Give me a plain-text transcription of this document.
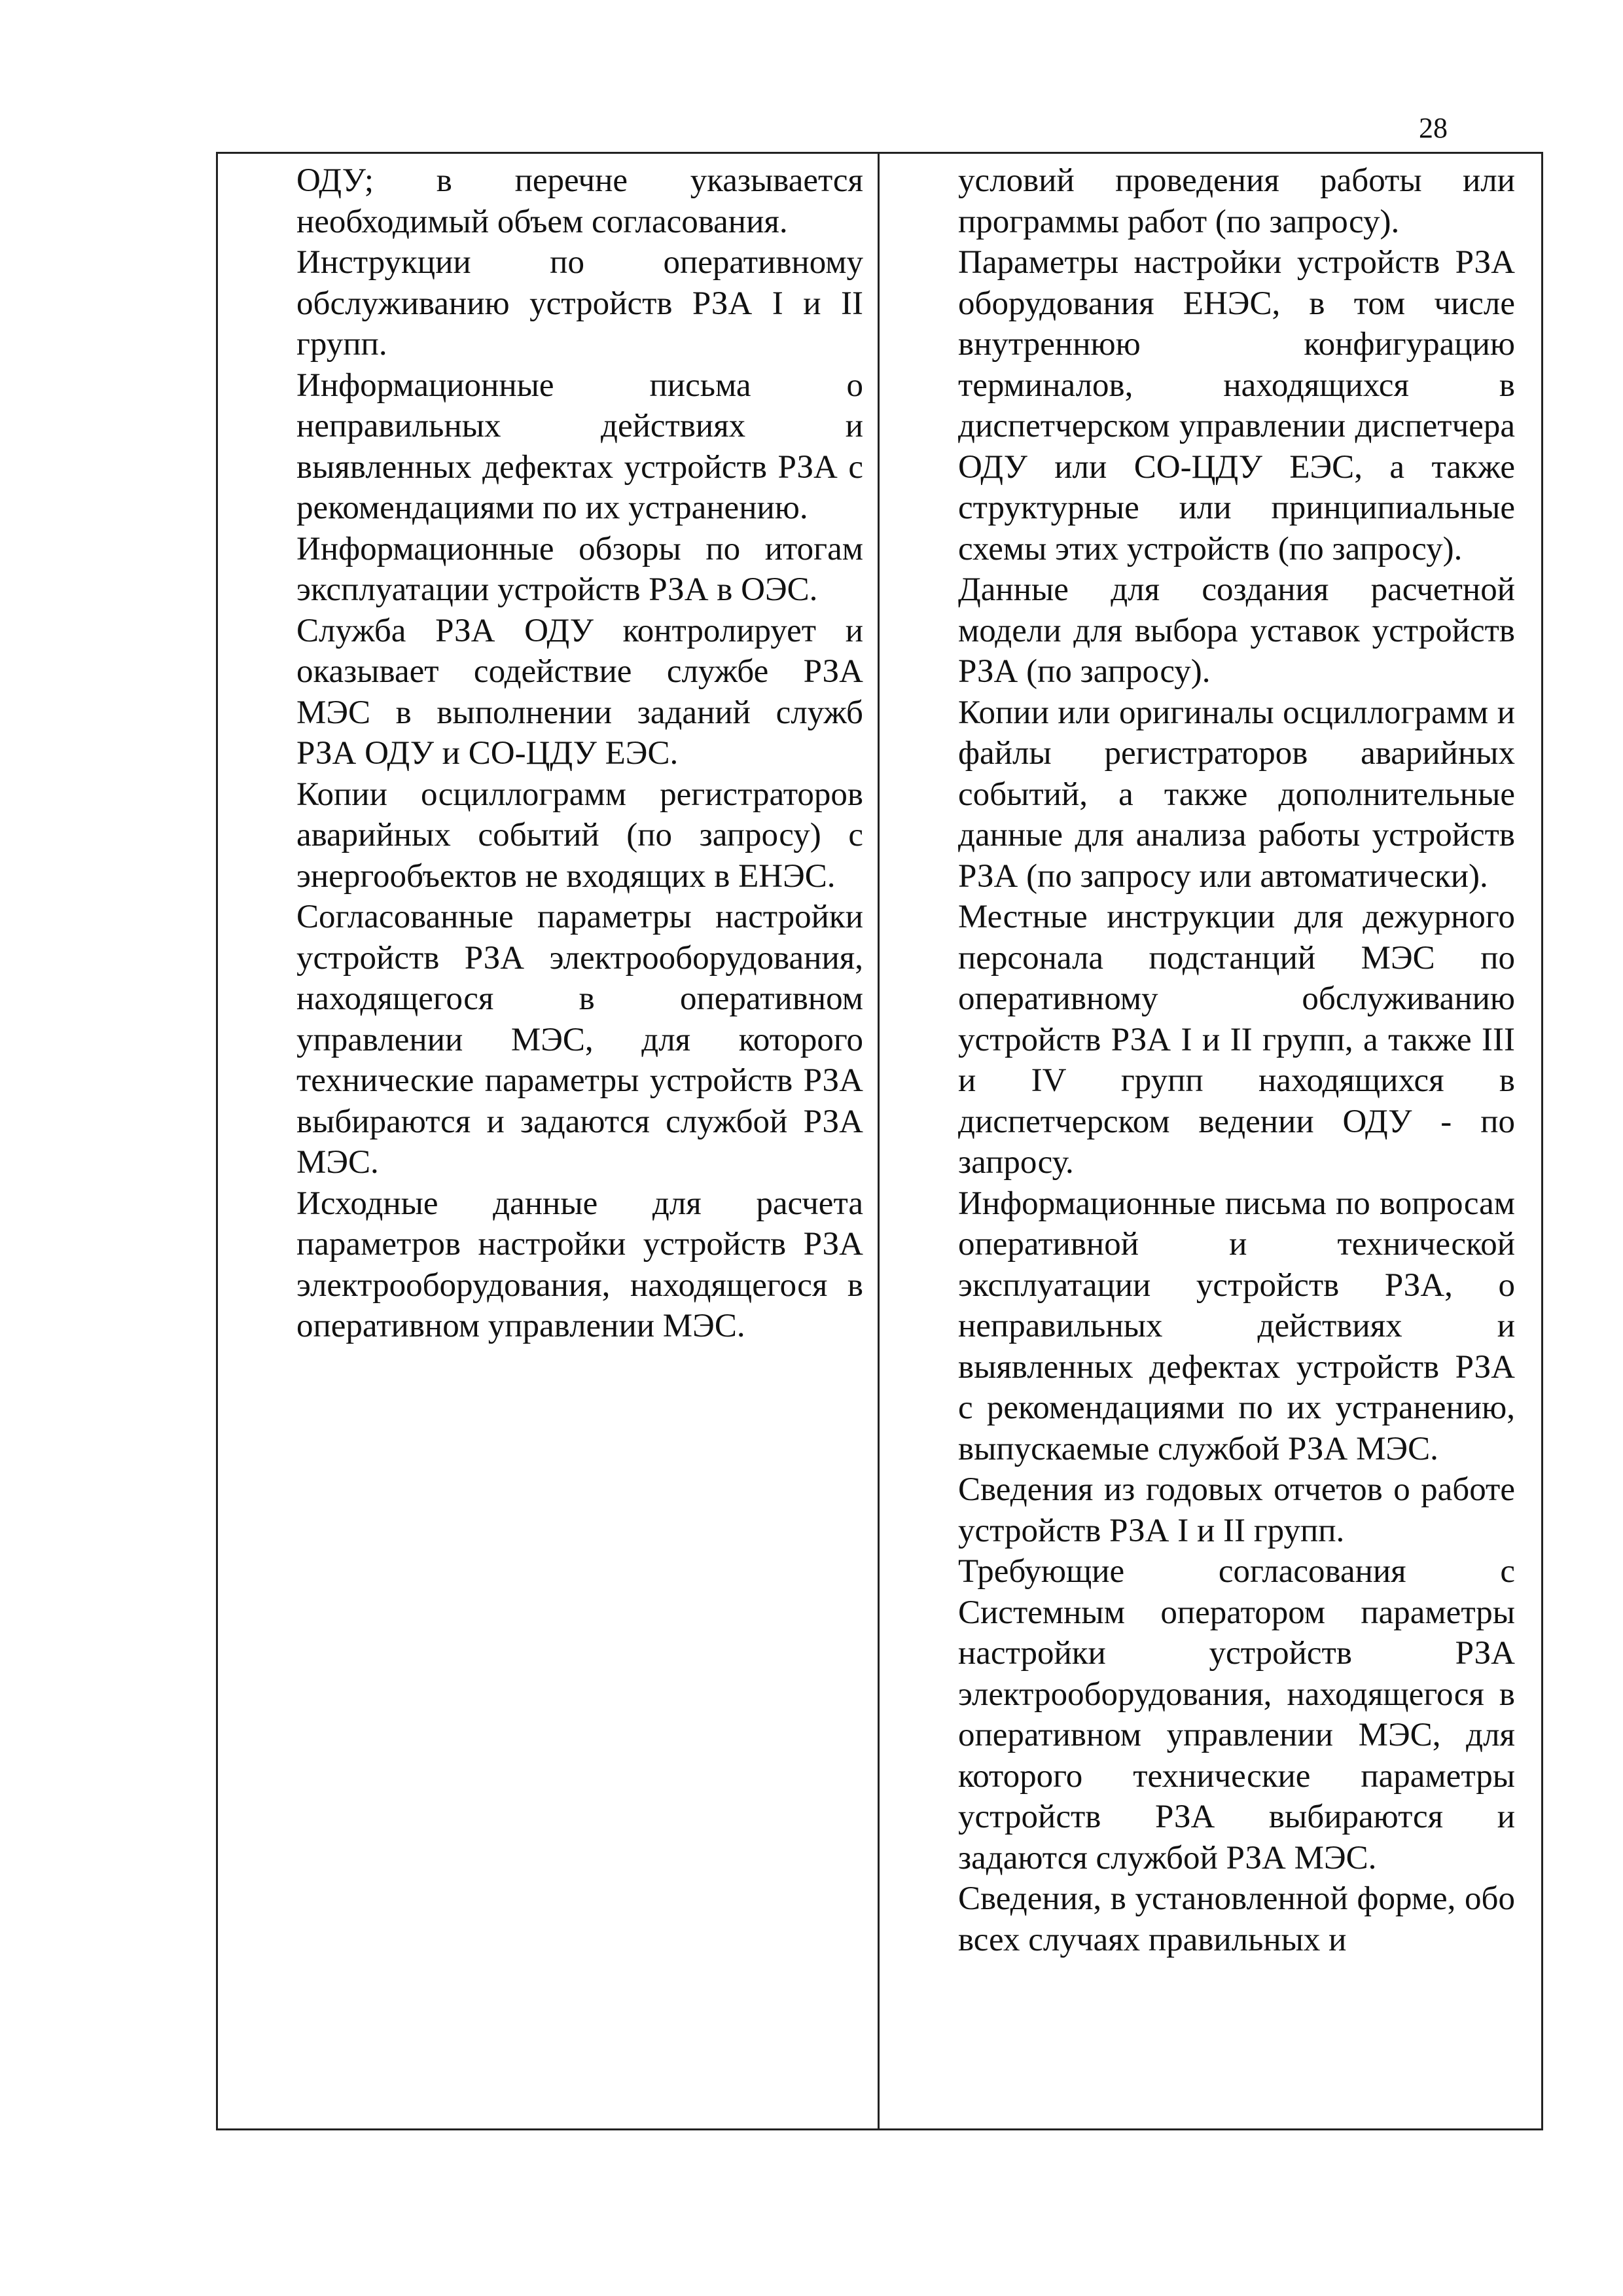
28

ОДУ; в перечне указывается необходимый объем согласования.

Инструкции по оперативному обслуживанию устройств РЗА I и II групп.

Информационные письма о неправильных действиях и выявленных дефектах устройств РЗА с рекомендациями по их устранению.

Информационные обзоры по итогам эксплуатации устройств РЗА в ОЭС.

Служба РЗА ОДУ контролирует и оказывает содействие службе РЗА МЭС в выполнении заданий служб РЗА ОДУ и СО-ЦДУ ЕЭС.

Копии осциллограмм регистраторов аварийных событий (по запросу) с энергообъектов не входящих в ЕНЭС.

Согласованные параметры настройки устройств РЗА электрооборудования, находящегося в оперативном управлении МЭС, для которого технические параметры устройств РЗА выбираются и задаются службой РЗА МЭС.

Исходные данные для расчета параметров настройки устройств РЗА электрооборудования, находящегося в оперативном управлении МЭС.

условий проведения работы или программы работ (по запросу).

Параметры настройки устройств РЗА оборудования ЕНЭС, в том числе внутреннюю конфигурацию терминалов, находящихся в диспетчерском управлении диспетчера ОДУ или СО-ЦДУ ЕЭС, а также структурные или принципиальные схемы этих устройств (по запросу).

Данные для создания расчетной модели для выбора уставок устройств РЗА (по запросу).

Копии или оригиналы осциллограмм и файлы регистраторов аварийных событий, а также дополнительные данные для анализа работы устройств РЗА (по запросу или автоматически).

Местные инструкции для дежурного персонала подстанций МЭС по оперативному обслуживанию устройств РЗА I и II групп, а также III и IV групп находящихся в диспетчерском ведении ОДУ - по запросу.

Информационные письма по вопросам оперативной и технической эксплуатации устройств РЗА, о неправильных действиях и выявленных дефектах устройств РЗА с рекомендациями по их устранению, выпускаемые службой РЗА МЭС.

Сведения из годовых отчетов о работе устройств РЗА I и II групп.

Требующие согласования с Системным оператором параметры настройки устройств РЗА электрооборудования, находящегося в оперативном управлении МЭС, для которого технические параметры устройств РЗА выбираются и задаются службой РЗА МЭС.

Сведения, в установленной форме, обо всех случаях правильных и
